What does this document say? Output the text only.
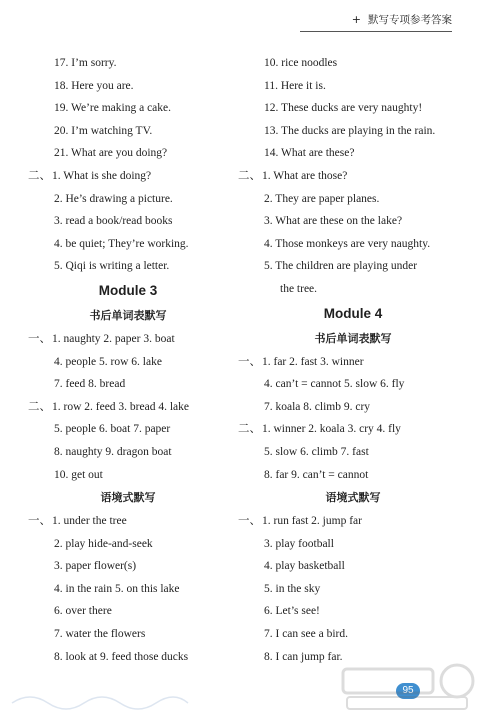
+ 默写专项参考答案
17. I’m sorry.
18. Here you are.
19. We’re making a cake.
20. I’m watching TV.
21. What are you doing?
二、1. What is she doing?
2. He’s drawing a picture.
3. read a book/read books
4. be quiet; They’re working.
5. Qiqi is writing a letter.
Module 3
书后单词表默写
一、1. naughty 2. paper 3. boat
4. people 5. row 6. lake
7. feed 8. bread
二、1. row 2. feed 3. bread 4. lake
5. people 6. boat 7. paper
8. naughty 9. dragon boat
10. get out
语境式默写
一、1. under the tree
2. play hide-and-seek
3. paper flower(s)
4. in the rain 5. on this lake
6. over there
7. water the flowers
8. look at 9. feed those ducks
10. rice noodles
11. Here it is.
12. These ducks are very naughty!
13. The ducks are playing in the rain.
14. What are these?
二、1. What are those?
2. They are paper planes.
3. What are these on the lake?
4. Those monkeys are very naughty.
5. The children are playing under
the tree.
Module 4
书后单词表默写
一、1. far 2. fast 3. winner
4. can’t = cannot 5. slow 6. fly
7. koala 8. climb 9. cry
二、1. winner 2. koala 3. cry 4. fly
5. slow 6. climb 7. fast
8. far 9. can’t = cannot
语境式默写
一、1. run fast 2. jump far
3. play football
4. play basketball
5. in the sky
6. Let’s see!
7. I can see a bird.
8. I can jump far.
95
